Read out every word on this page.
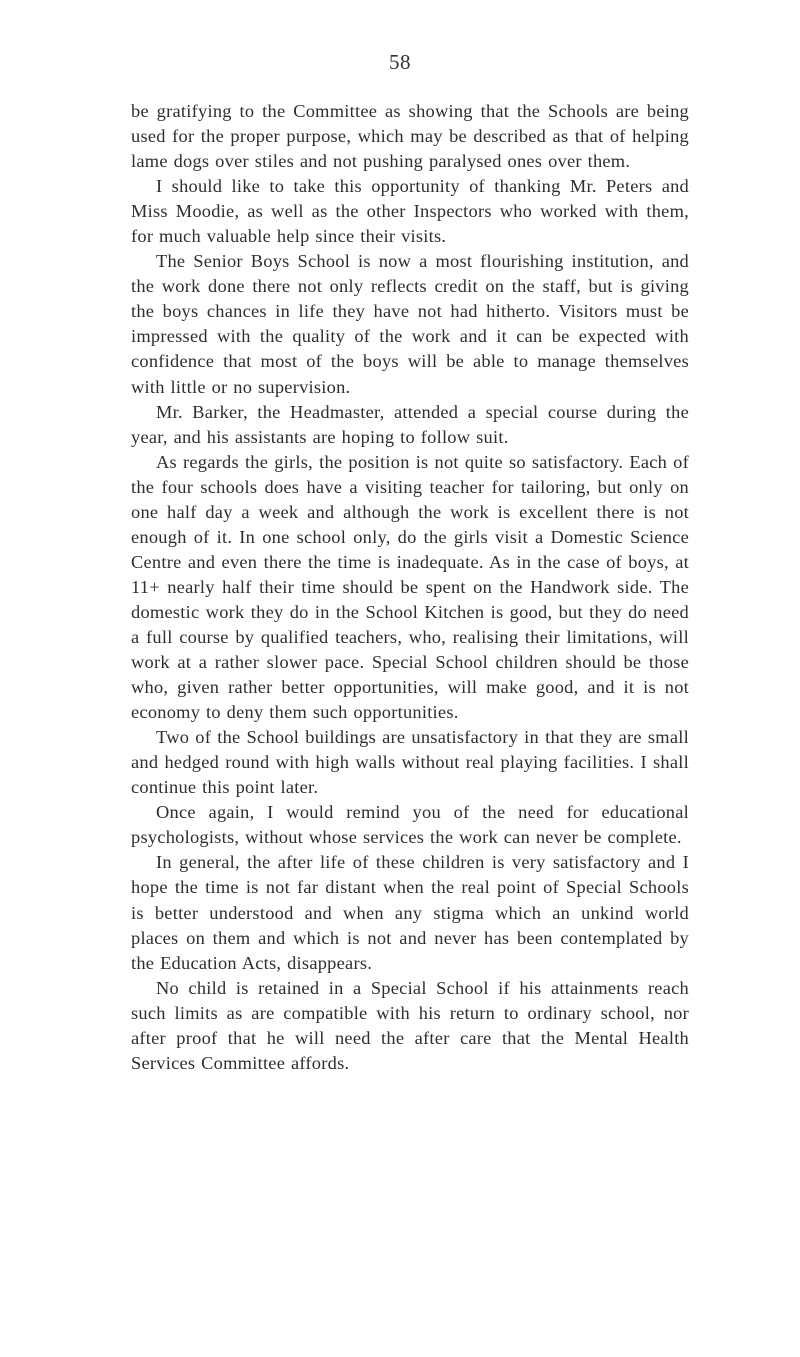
58

be gratifying to the Committee as showing that the Schools are being used for the proper purpose, which may be described as that of helping lame dogs over stiles and not pushing paralysed ones over them.

I should like to take this opportunity of thanking Mr. Peters and Miss Moodie, as well as the other Inspectors who worked with them, for much valuable help since their visits.

The Senior Boys School is now a most flourishing institution, and the work done there not only reflects credit on the staff, but is giving the boys chances in life they have not had hitherto. Visitors must be impressed with the quality of the work and it can be expected with confidence that most of the boys will be able to manage themselves with little or no supervision.

Mr. Barker, the Headmaster, attended a special course during the year, and his assistants are hoping to follow suit.

As regards the girls, the position is not quite so satisfactory. Each of the four schools does have a visiting teacher for tailoring, but only on one half day a week and although the work is excellent there is not enough of it. In one school only, do the girls visit a Domestic Science Centre and even there the time is inadequate. As in the case of boys, at 11+ nearly half their time should be spent on the Handwork side. The domestic work they do in the School Kitchen is good, but they do need a full course by qualified teachers, who, realising their limitations, will work at a rather slower pace. Special School children should be those who, given rather better opportunities, will make good, and it is not economy to deny them such opportunities.

Two of the School buildings are unsatisfactory in that they are small and hedged round with high walls without real playing facilities. I shall continue this point later.

Once again, I would remind you of the need for educational psychologists, without whose services the work can never be complete.

In general, the after life of these children is very satisfactory and I hope the time is not far distant when the real point of Special Schools is better understood and when any stigma which an unkind world places on them and which is not and never has been contemplated by the Education Acts, disappears.

No child is retained in a Special School if his attainments reach such limits as are compatible with his return to ordinary school, nor after proof that he will need the after care that the Mental Health Services Committee affords.
